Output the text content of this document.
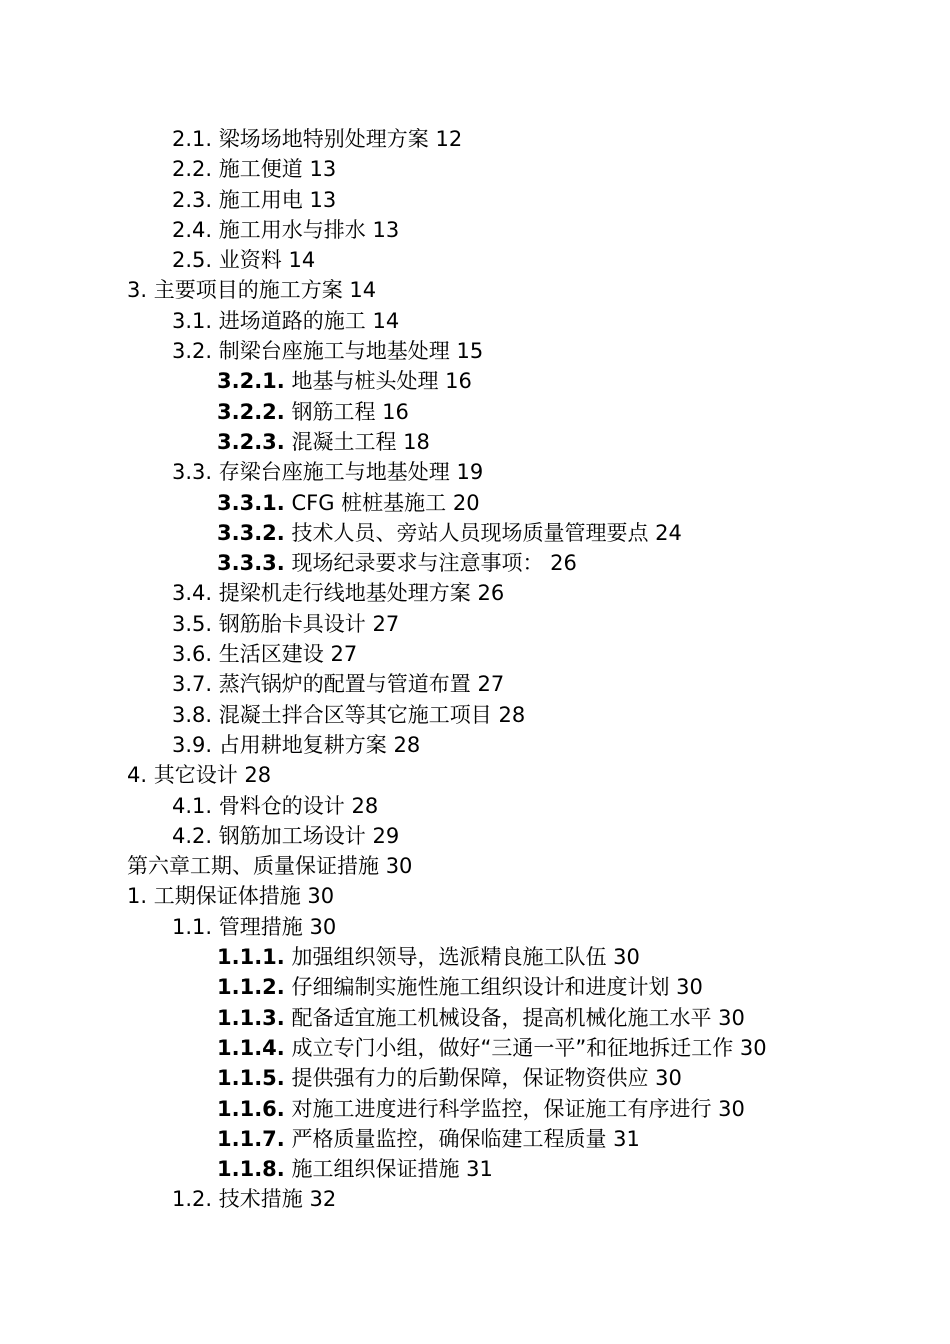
2.1. 梁场场地特别处理方案 12
2.2. 施工便道 13
2.3. 施工用电 13
2.4. 施工用水与排水 13
2.5. 业资料 14
3. 主要项目的施工方案 14
3.1. 进场道路的施工 14
3.2. 制梁台座施工与地基处理 15
3.2.1. 地基与桩头处理 16
3.2.2. 钢筋工程 16
3.2.3. 混凝土工程 18
3.3. 存梁台座施工与地基处理 19
3.3.1. CFG 桩桩基施工 20
3.3.2. 技术人员、旁站人员现场质量管理要点 24
3.3.3. 现场纪录要求与注意事项： 26
3.4. 提梁机走行线地基处理方案 26
3.5. 钢筋胎卡具设计 27
3.6. 生活区建设 27
3.7. 蒸汽锅炉的配置与管道布置 27
3.8. 混凝土拌合区等其它施工项目 28
3.9. 占用耕地复耕方案 28
4. 其它设计 28
4.1. 骨料仓的设计 28
4.2. 钢筋加工场设计 29
第六章工期、质量保证措施 30
1. 工期保证体措施 30
1.1. 管理措施 30
1.1.1. 加强组织领导，选派精良施工队伍 30
1.1.2. 仔细编制实施性施工组织设计和进度计划 30
1.1.3. 配备适宜施工机械设备，提高机械化施工水平 30
1.1.4. 成立专门小组，做好“三通一平”和征地拆迁工作 30
1.1.5. 提供强有力的后勤保障，保证物资供应 30
1.1.6. 对施工进度进行科学监控，保证施工有序进行 30
1.1.7. 严格质量监控，确保临建工程质量 31
1.1.8. 施工组织保证措施 31
1.2. 技术措施 32
